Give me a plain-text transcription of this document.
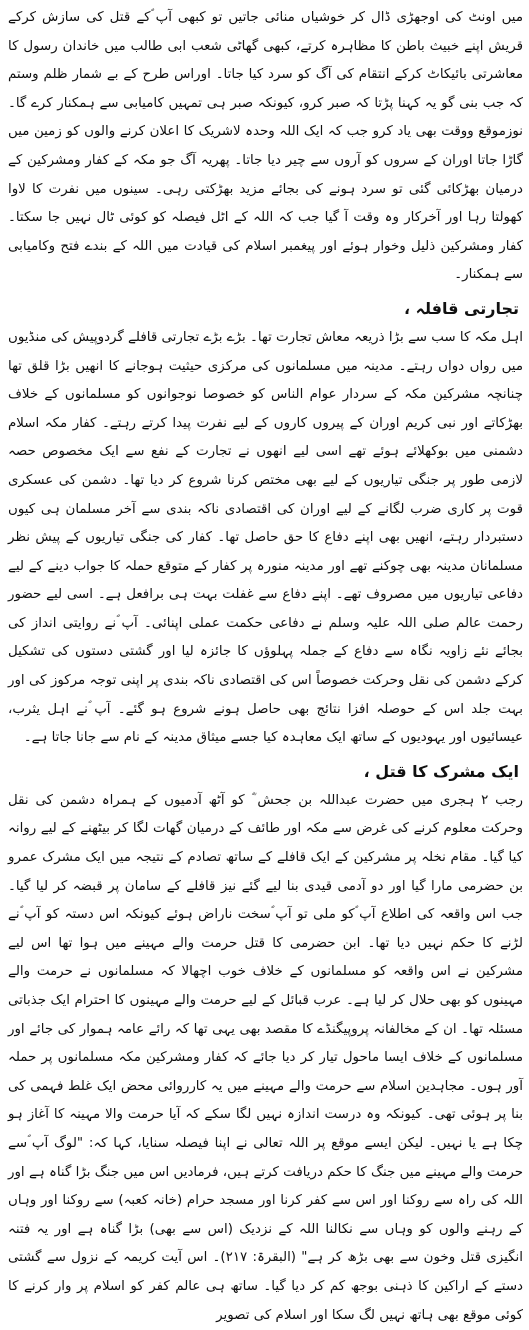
میں اونٹ کی اوجھڑی ڈال کر خوشیاں منائی جاتیں تو کبھی آپ ؐکے قتل کی سازش کرکے قریش اپنے خبیث باطن کا مظاہرہ کرتے، کبھی گھاٹی شعب ابی طالب میں خاندان رسول کا معاشرتی بائیکاٹ کرکے انتقام کی آگ کو سرد کیا جاتا۔ اوراس طرح کے بے شمار ظلم وستم کہ جب بنی گو یہ کہنا پڑتا کہ صبر کرو، کیونکہ صبر ہی تمہیں کامیابی سے ہمکنار کرے گا۔ نوزموقع ووقت بھی یاد کرو جب کہ ایک اللہ وحدہ لاشریک کا اعلان کرنے والوں کو زمین میں گاڑا جاتا اوران کے سروں کو آروں سے چیر دیا جاتا۔ پھریہ آگ جو مکہ کے کفار ومشرکین کے درمیان بھڑکائی گئی تو سرد ہونے کی بجائے مزید بھڑکتی رہی۔ سینوں میں نفرت کا لاوا کھولتا رہا اور آخرکار وہ وقت آ گیا جب کہ اللہ کے اٹل فیصلہ کو کوئی ٹال نہیں جا سکتا۔ کفار ومشرکین ذلیل وخوار ہوئے اور پیغمبر اسلام کی قیادت میں اللہ کے بندے فتح وکامیابی سے ہمکنار۔

تجارتی قافلہ ،

اہل مکہ کا سب سے بڑا ذریعہ معاش تجارت تھا۔ بڑے بڑے تجارتی قافلے گردوپیش کی منڈیوں میں رواں دواں رہتے۔ مدینہ میں مسلمانوں کی مرکزی حیثیت ہوجانے کا انھیں بڑا قلق تھا چنانچہ مشرکین مکہ کے سردار عوام الناس کو خصوصا نوجوانوں کو مسلمانوں کے خلاف بھڑکاتے اور نبی کریم اوران کے پیروں کاروں کے لیے نفرت پیدا کرتے رہتے۔ کفار مکہ اسلام دشمنی میں بوکھلائے ہوئے تھے اسی لیے انھوں نے تجارت کے نفع سے ایک مخصوص حصہ لازمی طور پر جنگی تیاریوں کے لیے بھی مختص کرنا شروع کر دیا تھا۔ دشمن کی عسکری قوت پر کاری ضرب لگانے کے لیے اوران کی اقتصادی ناکہ بندی سے آخر مسلمان ہی کیوں دستبردار رہتے، انھیں بھی اپنے دفاع کا حق حاصل تھا۔ کفار کی جنگی تیاریوں کے پیش نظر مسلمانان مدینہ بھی چوکنے تھے اور مدینہ منورہ پر کفار کے متوقع حملہ کا جواب دینے کے لیے دفاعی تیاریوں میں مصروف تھے۔ اپنے دفاع سے غفلت بہت ہی برافعل ہے۔ اسی لیے حضور رحمت عالم صلی اللہ علیہ وسلم نے دفاعی حکمت عملی اپنائی۔ آپ ؐنے روایتی انداز کی بجائے نئے زاویہ نگاہ سے دفاع کے جملہ پہلوؤں کا جائزہ لیا اور گشتی دستوں کی تشکیل کرکے دشمن کی نقل وحرکت خصوصاً اس کی اقتصادی ناکہ بندی پر اپنی توجہ مرکوز کی اور بہت جلد اس کے حوصلہ افزا نتائج بھی حاصل ہونے شروع ہو گئے۔ آپ ؐنے اہل یثرب، عیسائیوں اور یہودیوں کے ساتھ ایک معاہدہ کیا جسے میثاق مدینہ کے نام سے جانا جاتا ہے۔

ایک مشرک کا قتل ،

رجب ۲ ہجری میں حضرت عبداللہ بن جحش ؓ کو آٹھ آدمیوں کے ہمراہ دشمن کی نقل وحرکت معلوم کرنے کی غرض سے مکہ اور طائف کے درمیان گھات لگا کر بیٹھنے کے لیے روانہ کیا گیا۔ مقام نخلہ پر مشرکین کے ایک قافلے کے ساتھ تصادم کے نتیجہ میں ایک مشرک عمرو بن حضرمی مارا گیا اور دو آدمی قیدی بنا لیے گئے نیز قافلے کے سامان پر قبضہ کر لیا گیا۔ جب اس واقعہ کی اطلاع آپ ؐکو ملی تو آپ ؐسخت ناراض ہوئے کیونکہ اس دستہ کو آپ ؐنے لڑنے کا حکم نہیں دیا تھا۔ ابن حضرمی کا قتل حرمت والے مہینے میں ہوا تھا اس لیے مشرکین نے اس واقعہ کو مسلمانوں کے خلاف خوب اچھالا کہ مسلمانوں نے حرمت والے مہینوں کو بھی حلال کر لیا ہے۔ عرب قبائل کے لیے حرمت والے مہینوں کا احترام ایک جذباتی مسئلہ تھا۔ ان کے مخالفانہ پروپیگنڈے کا مقصد بھی یہی تھا کہ رائے عامہ ہموار کی جائے اور مسلمانوں کے خلاف ایسا ماحول تیار کر دیا جائے کہ کفار ومشرکین مکہ مسلمانوں پر حملہ آور ہوں۔ مجاہدین اسلام سے حرمت والے مہینے میں یہ کارروائی محض ایک غلط فہمی کی بنا پر ہوئی تھی۔ کیونکہ وہ درست اندازہ نہیں لگا سکے کہ آیا حرمت والا مہینہ کا آغاز ہو چکا ہے یا نہیں۔ لیکن ایسے موقع پر اللہ تعالی نے اپنا فیصلہ سنایا، کہا کہ: "لوگ آپ ؐسے حرمت والے مہینے میں جنگ کا حکم دریافت کرتے ہیں، فرمادیں اس میں جنگ بڑا گناہ ہے اور اللہ کی راہ سے روکنا اور اس سے کفر کرنا اور مسجد حرام (خانہ کعبہ) سے روکنا اور وہاں کے رہنے والوں کو وہاں سے نکالنا اللہ کے نزدیک (اس سے بھی) بڑا گناہ ہے اور یہ فتنہ انگیزی قتل وخون سے بھی بڑھ کر ہے" (البقرۃ: ۲۱۷)۔ اس آیت کریمہ کے نزول سے گشتی دستے کے اراکین کا ذہنی بوجھ کم کر دیا گیا۔ ساتھ ہی عالم کفر کو اسلام پر وار کرنے کا کوئی موقع بھی ہاتھ نہیں لگ سکا اور اسلام کی تصویر
